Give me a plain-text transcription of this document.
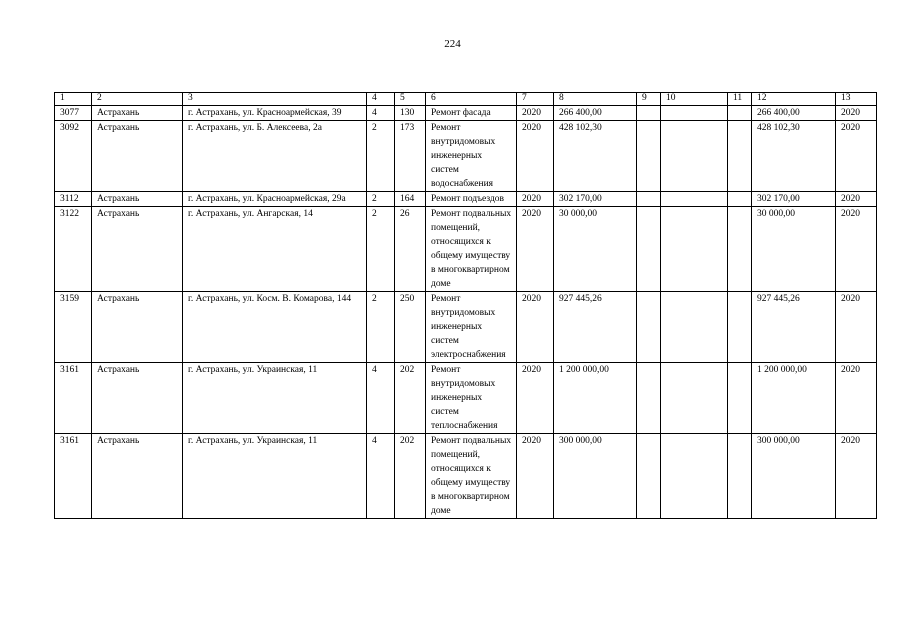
224
1	2	3	4	5	6	7	8	9	10	11	12	13
3077	Астрахань	г. Астрахань, ул. Красноармейская, 39	4	130	Ремонт фасада	2020	266 400,00				266 400,00	2020
3092	Астрахань	г. Астрахань, ул. Б. Алексеева, 2а	2	173	Ремонт внутридомовых инженерных систем водоснабжения	2020	428 102,30				428 102,30	2020
3112	Астрахань	г. Астрахань, ул. Красноармейская, 29а	2	164	Ремонт подъездов	2020	302 170,00				302 170,00	2020
3122	Астрахань	г. Астрахань, ул. Ангарская, 14	2	26	Ремонт подвальных помещений, относящихся к общему имуществу в многоквартирном доме	2020	30 000,00				30 000,00	2020
3159	Астрахань	г. Астрахань, ул. Косм. В. Комарова, 144	2	250	Ремонт внутридомовых инженерных систем электроснабжения	2020	927 445,26				927 445,26	2020
3161	Астрахань	г. Астрахань, ул. Украинская, 11	4	202	Ремонт внутридомовых инженерных систем теплоснабжения	2020	1 200 000,00				1 200 000,00	2020
3161	Астрахань	г. Астрахань, ул. Украинская, 11	4	202	Ремонт подвальных помещений, относящихся к общему имуществу в многоквартирном доме	2020	300 000,00				300 000,00	2020
